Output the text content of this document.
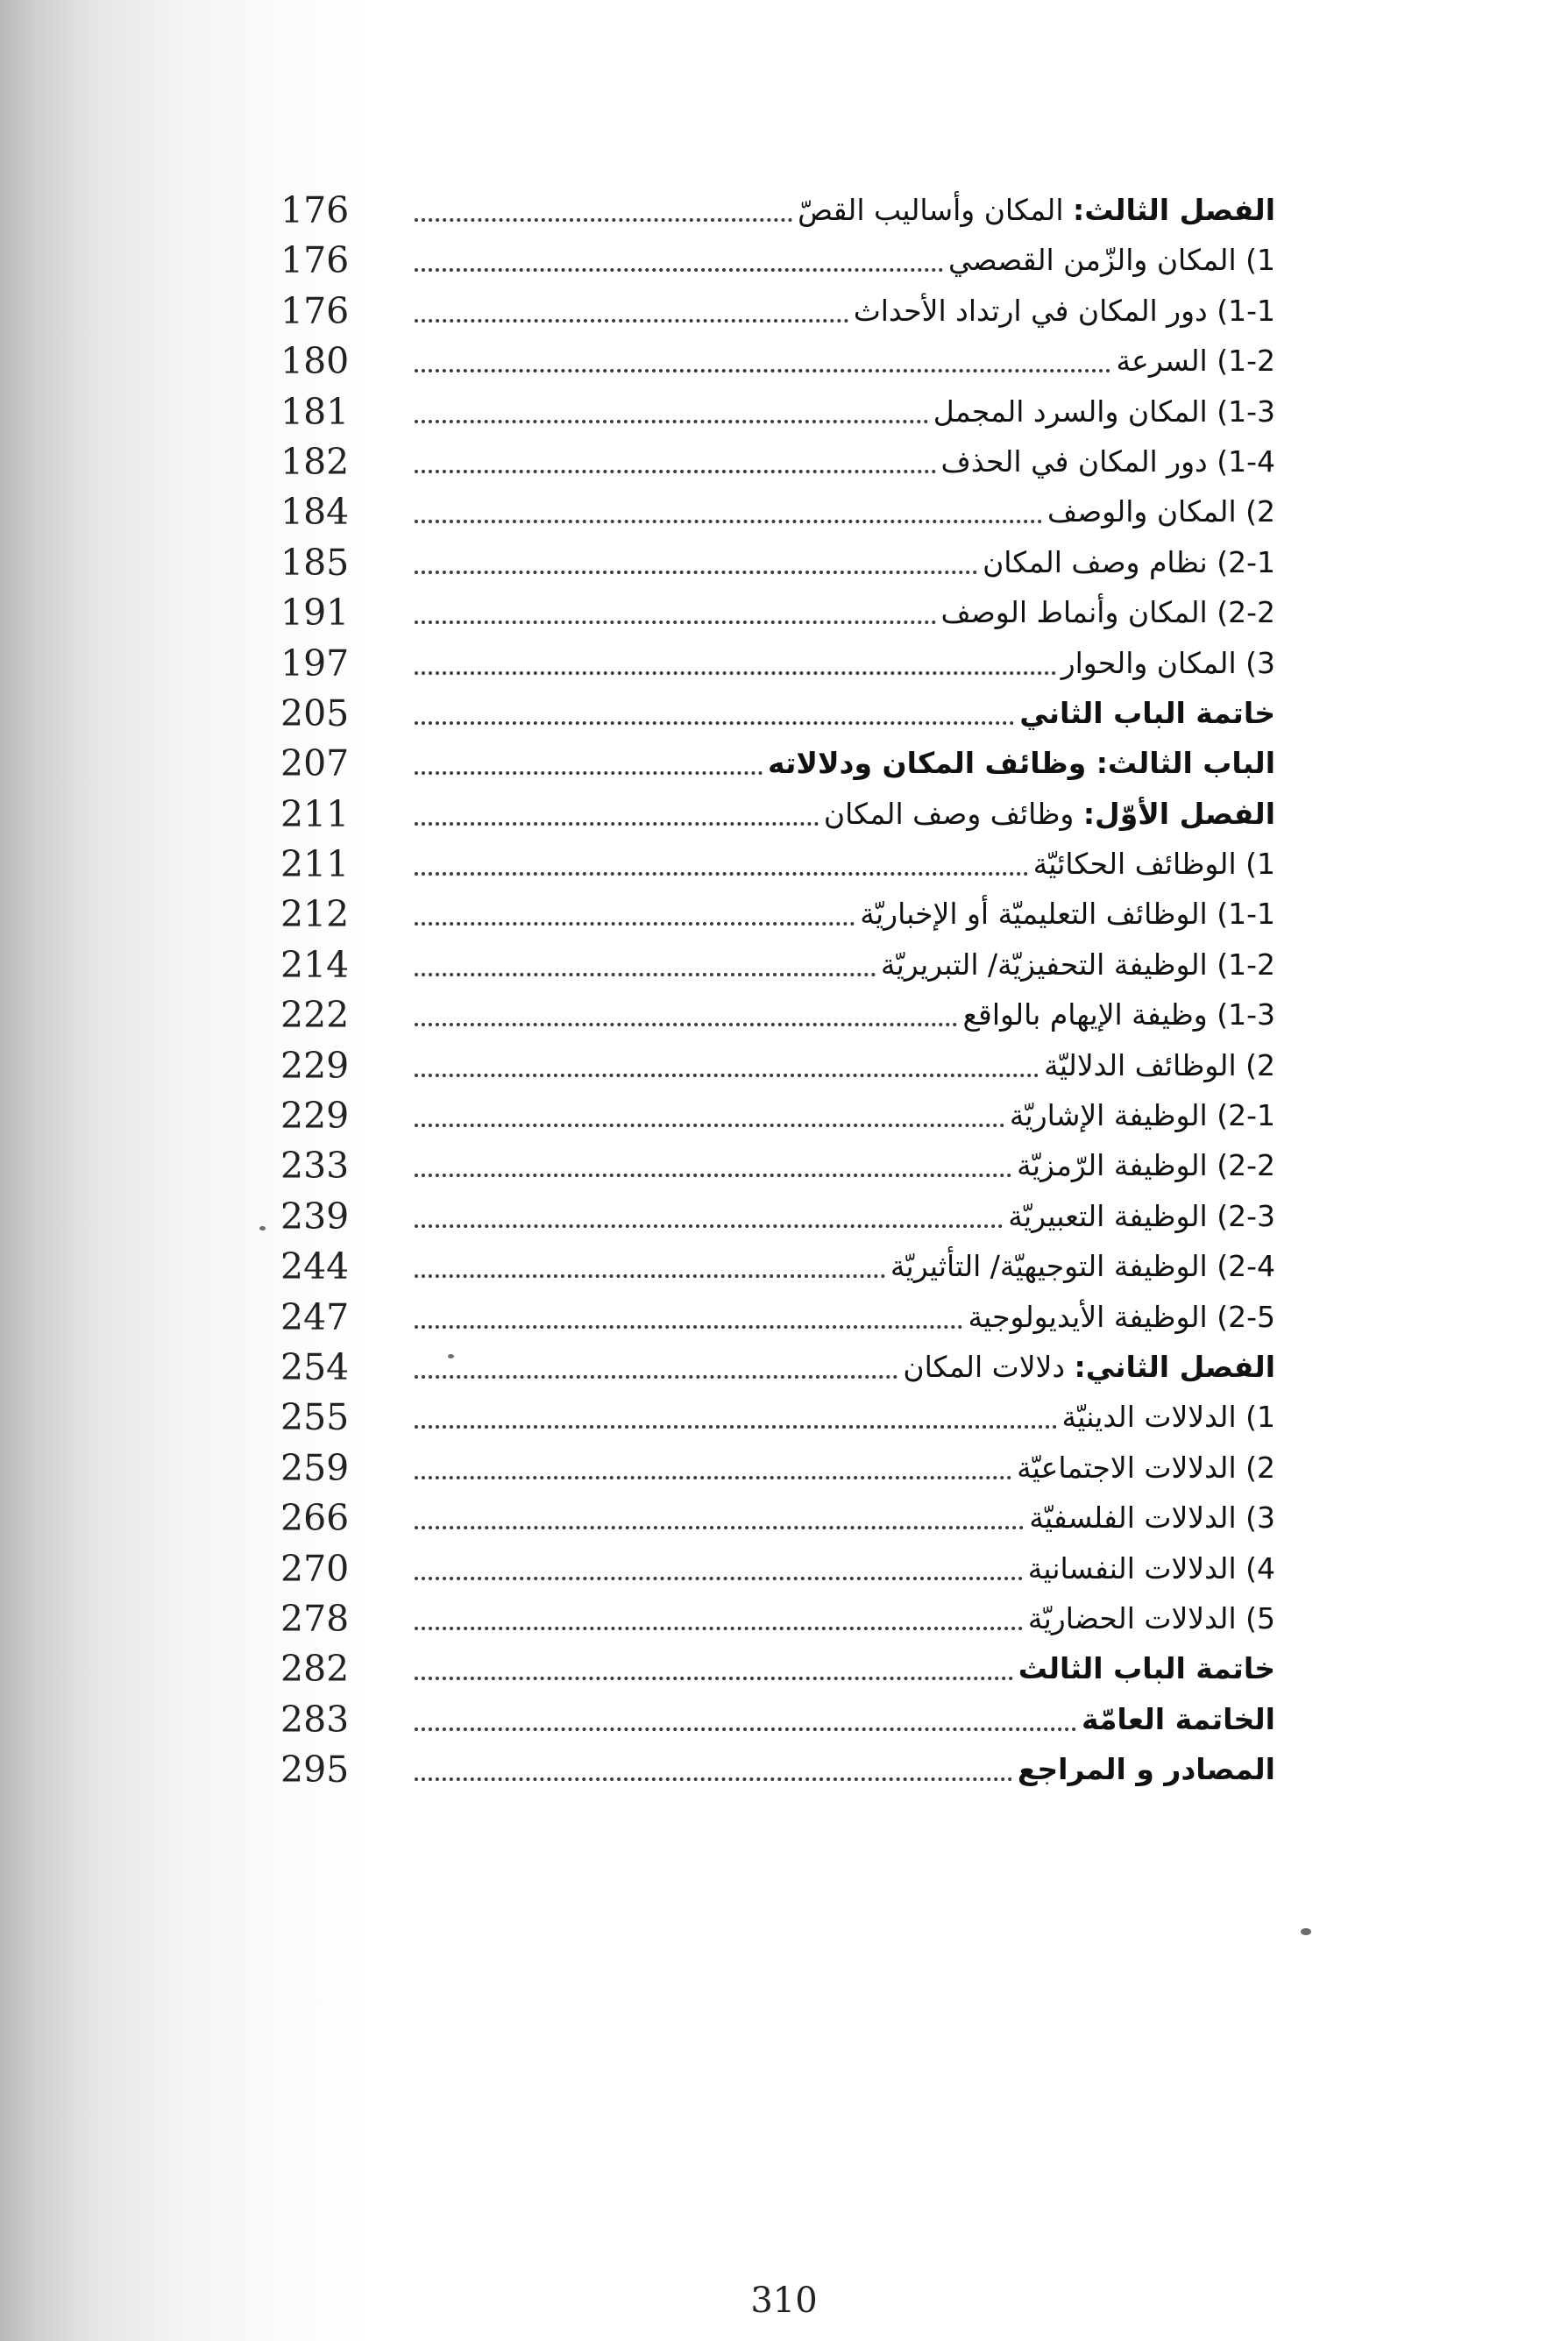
176	الفصل الثالث: المكان وأساليب القصّ
176	1) المكان والزّمن القصصي
176	1-1) دور المكان في ارتداد الأحداث
180	1-2) السرعة
181	1-3) المكان والسرد المجمل
182	1-4) دور المكان في الحذف
184	2) المكان والوصف
185	2-1) نظام وصف المكان
191	2-2) المكان وأنماط الوصف
197	3) المكان والحوار
205	خاتمة الباب الثاني
207	الباب الثالث: وظائف المكان ودلالاته
211	الفصل الأوّل: وظائف وصف المكان
211	1) الوظائف الحكائيّة
212	1-1) الوظائف التعليميّة أو الإخباريّة
214	1-2) الوظيفة التحفيزيّة/ التبريريّة
222	1-3) وظيفة الإيهام بالواقع
229	2) الوظائف الدلاليّة
229	2-1) الوظيفة الإشاريّة
233	2-2) الوظيفة الرّمزيّة
239	2-3) الوظيفة التعبيريّة
244	2-4) الوظيفة التوجيهيّة/ التأثيريّة
247	2-5) الوظيفة الأيديولوجية
254	الفصل الثاني: دلالات المكان
255	1) الدلالات الدينيّة
259	2) الدلالات الاجتماعيّة
266	3) الدلالات الفلسفيّة
270	4) الدلالات النفسانية
278	5) الدلالات الحضاريّة
282	خاتمة الباب الثالث
283	الخاتمة العامّة
295	المصادر و المراجع
310
